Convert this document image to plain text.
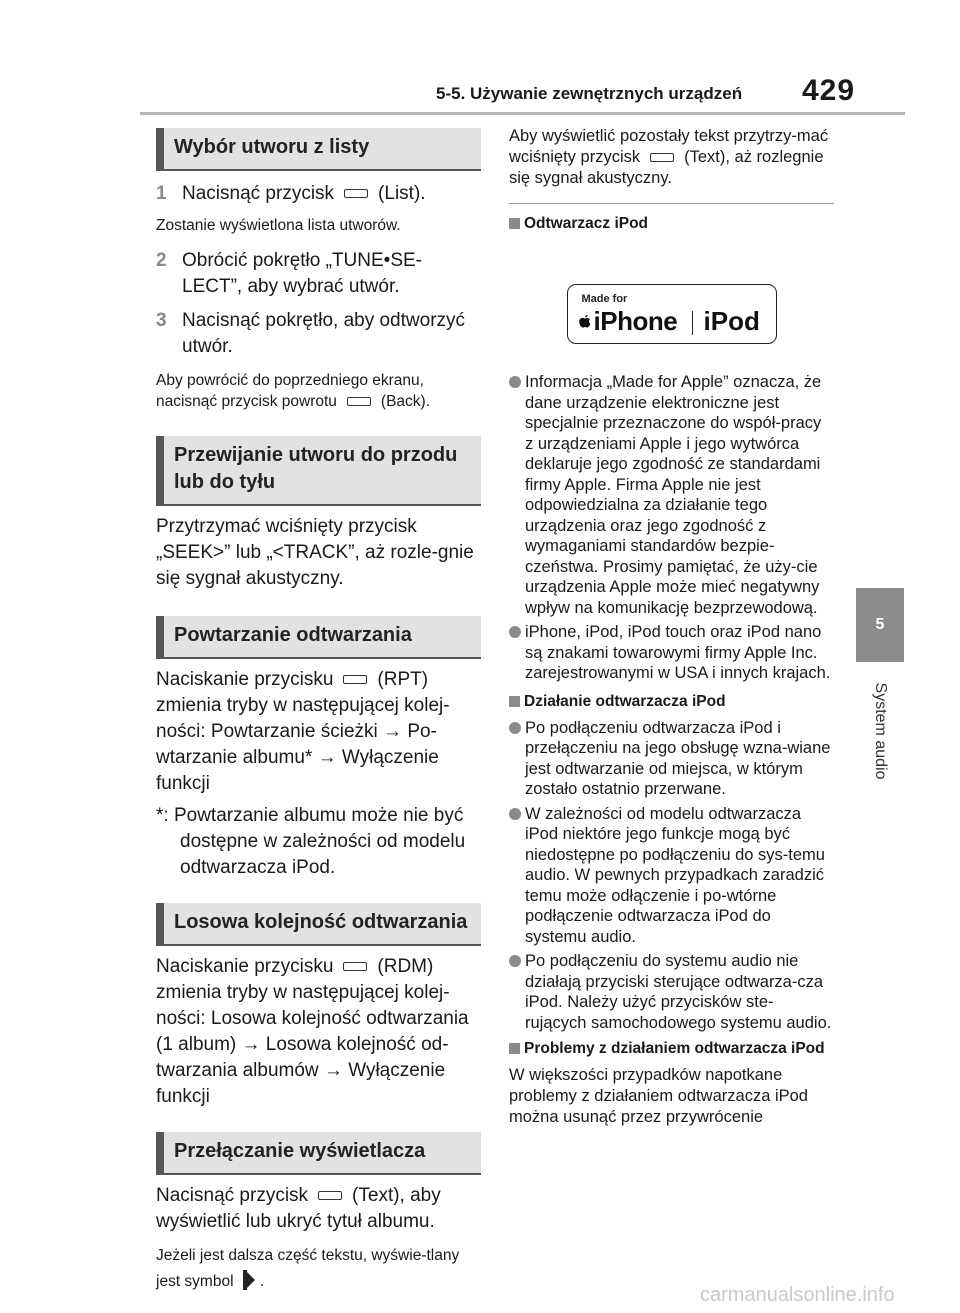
5-5. Używanie zewnętrznych urządzeń 429
5
System audio
Wybór utworu z listy
1 Nacisnąć przycisk (List).
Zostanie wyświetlona lista utworów.
2 Obrócić pokrętło „TUNE•SE-LECT”, aby wybrać utwór.
3 Nacisnąć pokrętło, aby odtworzyć utwór.
Aby powrócić do poprzedniego ekranu, nacisnąć przycisk powrotu	(Back).
Przewijanie utworu do przodu lub do tyłu
Przytrzymać wciśnięty przycisk „SEEK>” lub „<TRACK”, aż rozle-gnie się sygnał akustyczny.
Powtarzanie odtwarzania
Naciskanie przycisku (RPT) zmienia tryby w następującej kolej-ności: Powtarzanie ścieżki → Po-wtarzanie albumu* → Wyłączenie funkcji
*: Powtarzanie albumu może nie być dostępne w zależności od modelu odtwarzacza iPod.
Losowa kolejność odtwarzania
Naciskanie przycisku (RDM) zmienia tryby w następującej kolej-ności: Losowa kolejność odtwarzania (1 album) → Losowa kolejność od-twarzania albumów → Wyłączenie funkcji
Przełączanie wyświetlacza
Nacisnąć przycisk (Text), aby wyświetlić lub ukryć tytuł albumu.
Jeżeli jest dalsza część tekstu, wyświe-tlany jest symbol .
Aby wyświetlić pozostały tekst przytrzy-mać wciśnięty przycisk	(Text), aż rozlegnie się sygnał akustyczny.
Odtwarzacz iPod
Made for
iPhone iPod
Informacja „Made for Apple” oznacza, że dane urządzenie elektroniczne jest specjalnie przeznaczone do współ-pracy z urządzeniami Apple i jego wytwórca deklaruje jego zgodność ze standardami firmy Apple. Firma Apple nie jest odpowiedzialna za działanie tego urządzenia oraz jego zgodność z wymaganiami standardów bezpie-czeństwa. Prosimy pamiętać, że uży-cie urządzenia Apple może mieć negatywny wpływ na komunikację bezprzewodową.
iPhone, iPod, iPod touch oraz iPod nano są znakami towarowymi firmy Apple Inc. zarejestrowanymi w USA i innych krajach.
Działanie odtwarzacza iPod
Po podłączeniu odtwarzacza iPod i przełączeniu na jego obsługę wzna-wiane jest odtwarzanie od miejsca, w którym zostało ostatnio przerwane.
W zależności od modelu odtwarzacza iPod niektóre jego funkcje mogą być niedostępne po podłączeniu do sys-temu audio. W pewnych przypadkach zaradzić temu może odłączenie i po-wtórne podłączenie odtwarzacza iPod do systemu audio.
Po podłączeniu do systemu audio nie działają przyciski sterujące odtwarza-cza iPod. Należy użyć przycisków ste-rujących samochodowego systemu audio.
Problemy z działaniem odtwarzacza iPod
W większości przypadków napotkane problemy z działaniem odtwarzacza iPod można usunąć przez przywrócenie
carmanualsonline.info
